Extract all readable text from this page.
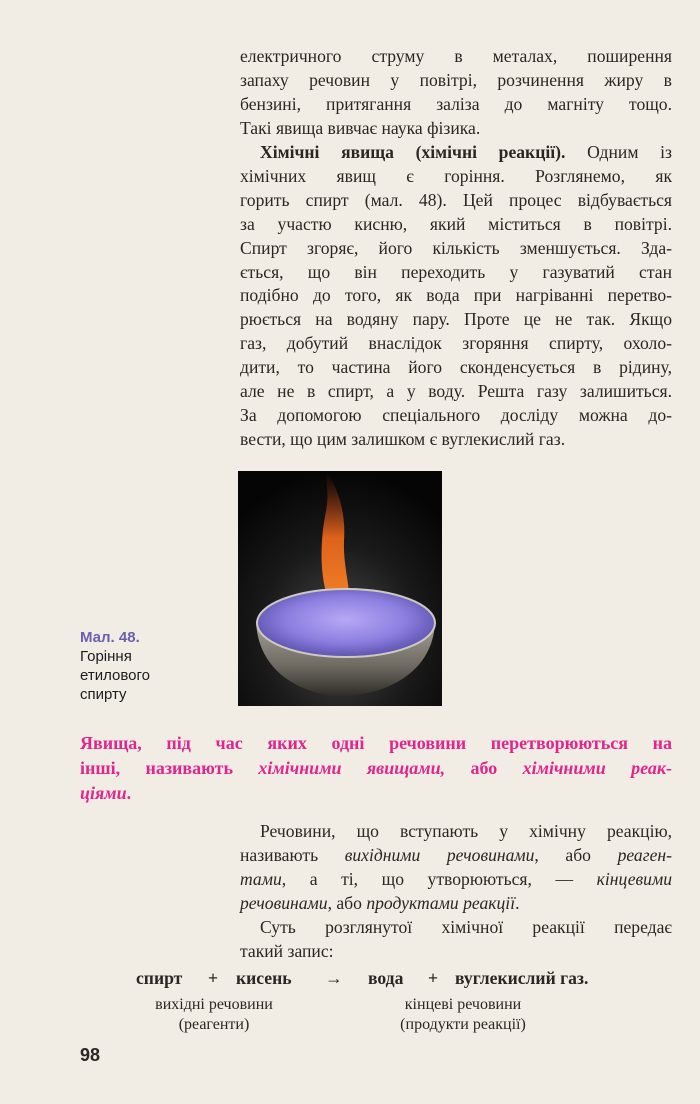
електричного струму в металах, поширення
запаху речовин у повітрі, розчинення жиру в
бензині, притягання заліза до магніту тощо.
Такі явища вивчає наука фізика.

Хімічні явища (хімічні реакції). Одним із
хімічних явищ є горіння. Розглянемо, як
горить спирт (мал. 48). Цей процес відбувається
за участю кисню, який міститься в повітрі.
Спирт згоряє, його кількість зменшується. Зда-
ється, що він переходить у газуватий стан
подібно до того, як вода при нагріванні перетво-
рюється на водяну пару. Проте це не так. Якщо
газ, добутий внаслідок згоряння спирту, охоло-
дити, то частина його сконденсується в рідину,
але не в спирт, а у воду. Решта газу залишиться.
За допомогою спеціального досліду можна до-
вести, що цим залишком є вуглекислий газ.

Мал. 48.
Горіння
етилового
спирту
Явища, під час яких одні речовини перетворюються на
інші, називають хімічними явищами, або хімічними реак-
ціями.

Речовини, що вступають у хімічну реакцію,
називають вихідними речовинами, або реаген-
тами, а ті, що утворюються, — кінцевими
речовинами, або продуктами реакції.
Суть розглянутої хімічної реакції передає
такий запис:

спирт + кисень → вода + вуглекислий газ.
вихідні речовини
(реагенти)
кінцеві речовини
(продукти реакції)
98
